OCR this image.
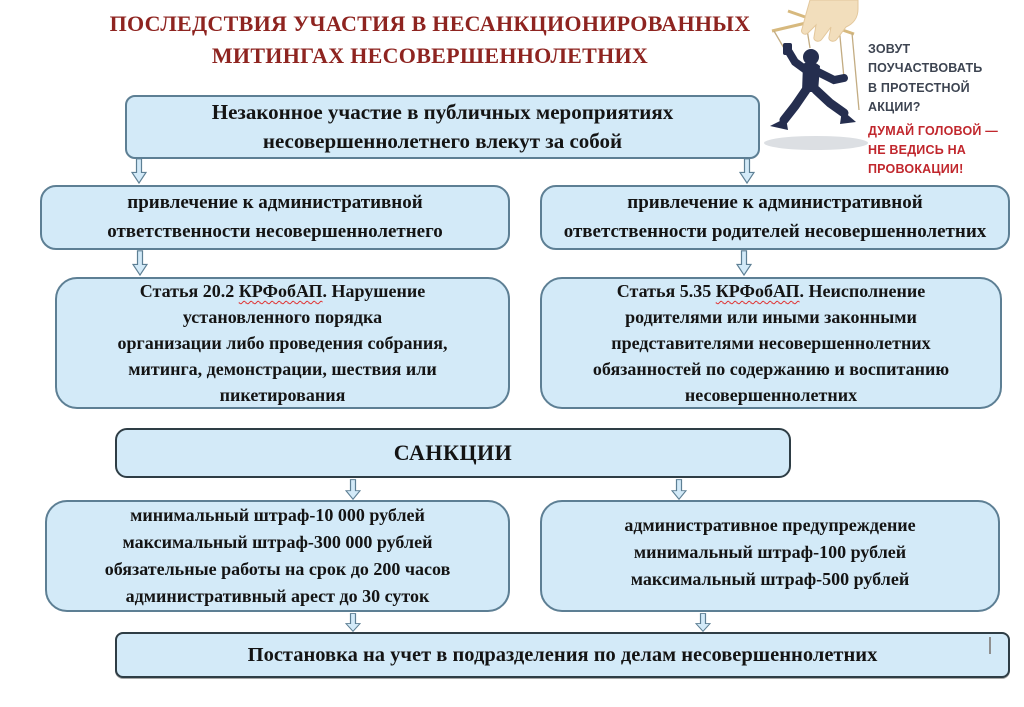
ПОСЛЕДСТВИЯ УЧАСТИЯ В НЕСАНКЦИОНИРОВАННЫХ
МИТИНГАХ НЕСОВЕРШЕННОЛЕТНИХ	ЗОВУТ ПОУЧАСТВОВАТЬ
В ПРОТЕСТНОЙ АКЦИИ?
ДУМАЙ ГОЛОВОЙ —
НЕ ВЕДИСЬ НА ПРОВОКАЦИИ!
Незаконное участие в публичных мероприятиях
несовершеннолетнего влекут за собой
привлечение к административной
ответственности несовершеннолетнего
привлечение к административной
ответственности родителей несовершеннолетних
Статья 20.2 КРФобАП. Нарушение
установленного порядка
организации либо проведения собрания,
митинга, демонстрации, шествия или
пикетирования
Статья 5.35 КРФобАП. Неисполнение
родителями или иными законными
представителями несовершеннолетних
обязанностей по содержанию и воспитанию
несовершеннолетних
САНКЦИИ
минимальный штраф-10 000 рублей
максимальный штраф-300 000 рублей
обязательные работы на срок до 200 часов
административный арест до 30 суток
административное предупреждение
минимальный штраф-100 рублей
максимальный штраф-500 рублей
Постановка на учет в подразделения по делам несовершеннолетних
